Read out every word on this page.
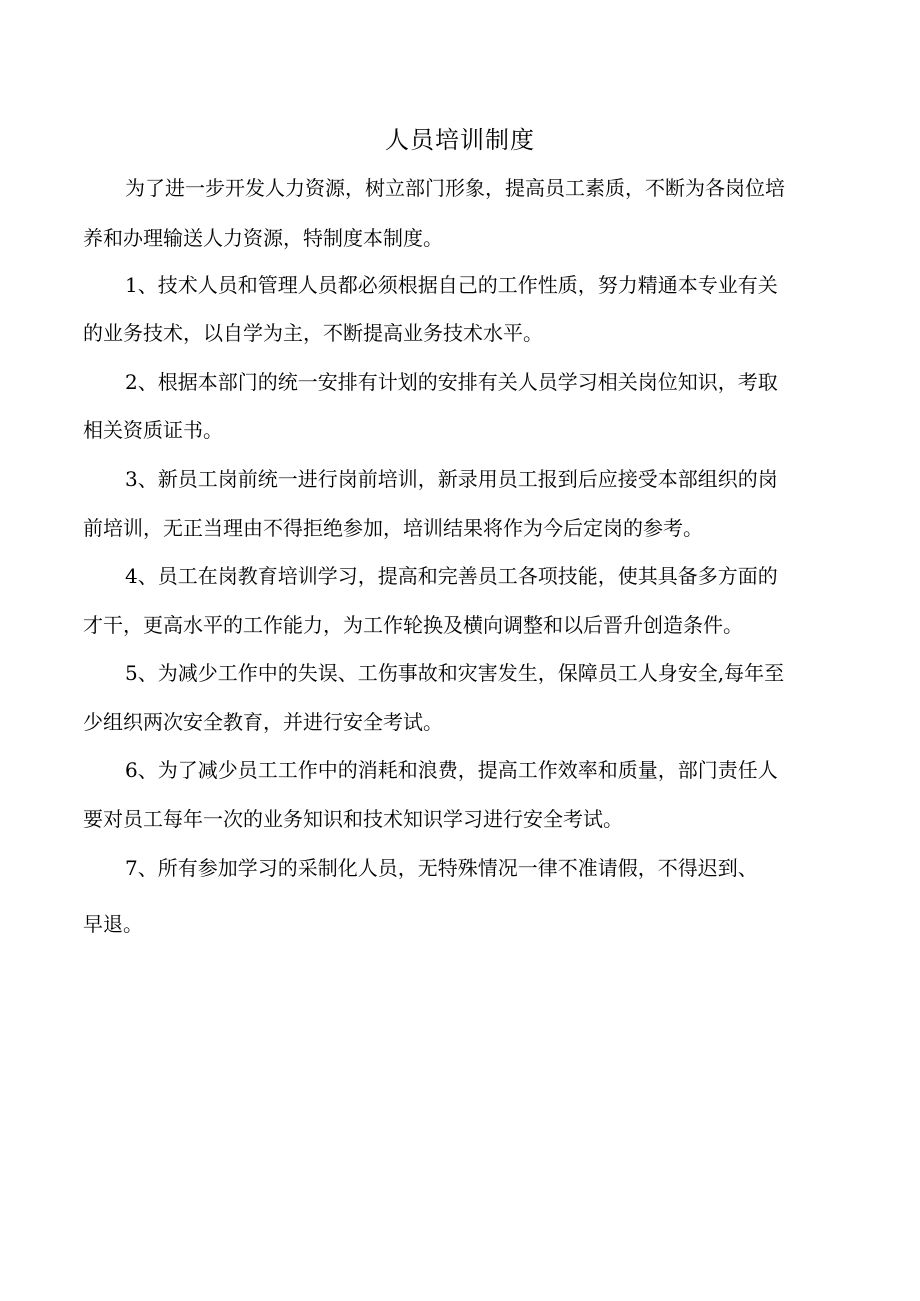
人员培训制度
为了进一步开发人力资源，树立部门形象，提高员工素质，不断为各岗位培
养和办理输送人力资源，特制度本制度。
1、技术人员和管理人员都必须根据自己的工作性质，努力精通本专业有关
的业务技术，以自学为主，不断提高业务技术水平。
2、根据本部门的统一安排有计划的安排有关人员学习相关岗位知识，考取
相关资质证书。
3、新员工岗前统一进行岗前培训，新录用员工报到后应接受本部组织的岗
前培训，无正当理由不得拒绝参加，培训结果将作为今后定岗的参考。
4、员工在岗教育培训学习，提高和完善员工各项技能，使其具备多方面的
才干，更高水平的工作能力，为工作轮换及横向调整和以后晋升创造条件。
5、为减少工作中的失误、工伤事故和灾害发生，保障员工人身安全,每年至
少组织两次安全教育，并进行安全考试。
6、为了减少员工工作中的消耗和浪费，提高工作效率和质量，部门责任人
要对员工每年一次的业务知识和技术知识学习进行安全考试。
7、所有参加学习的采制化人员，无特殊情况一律不准请假，不得迟到、
早退。
